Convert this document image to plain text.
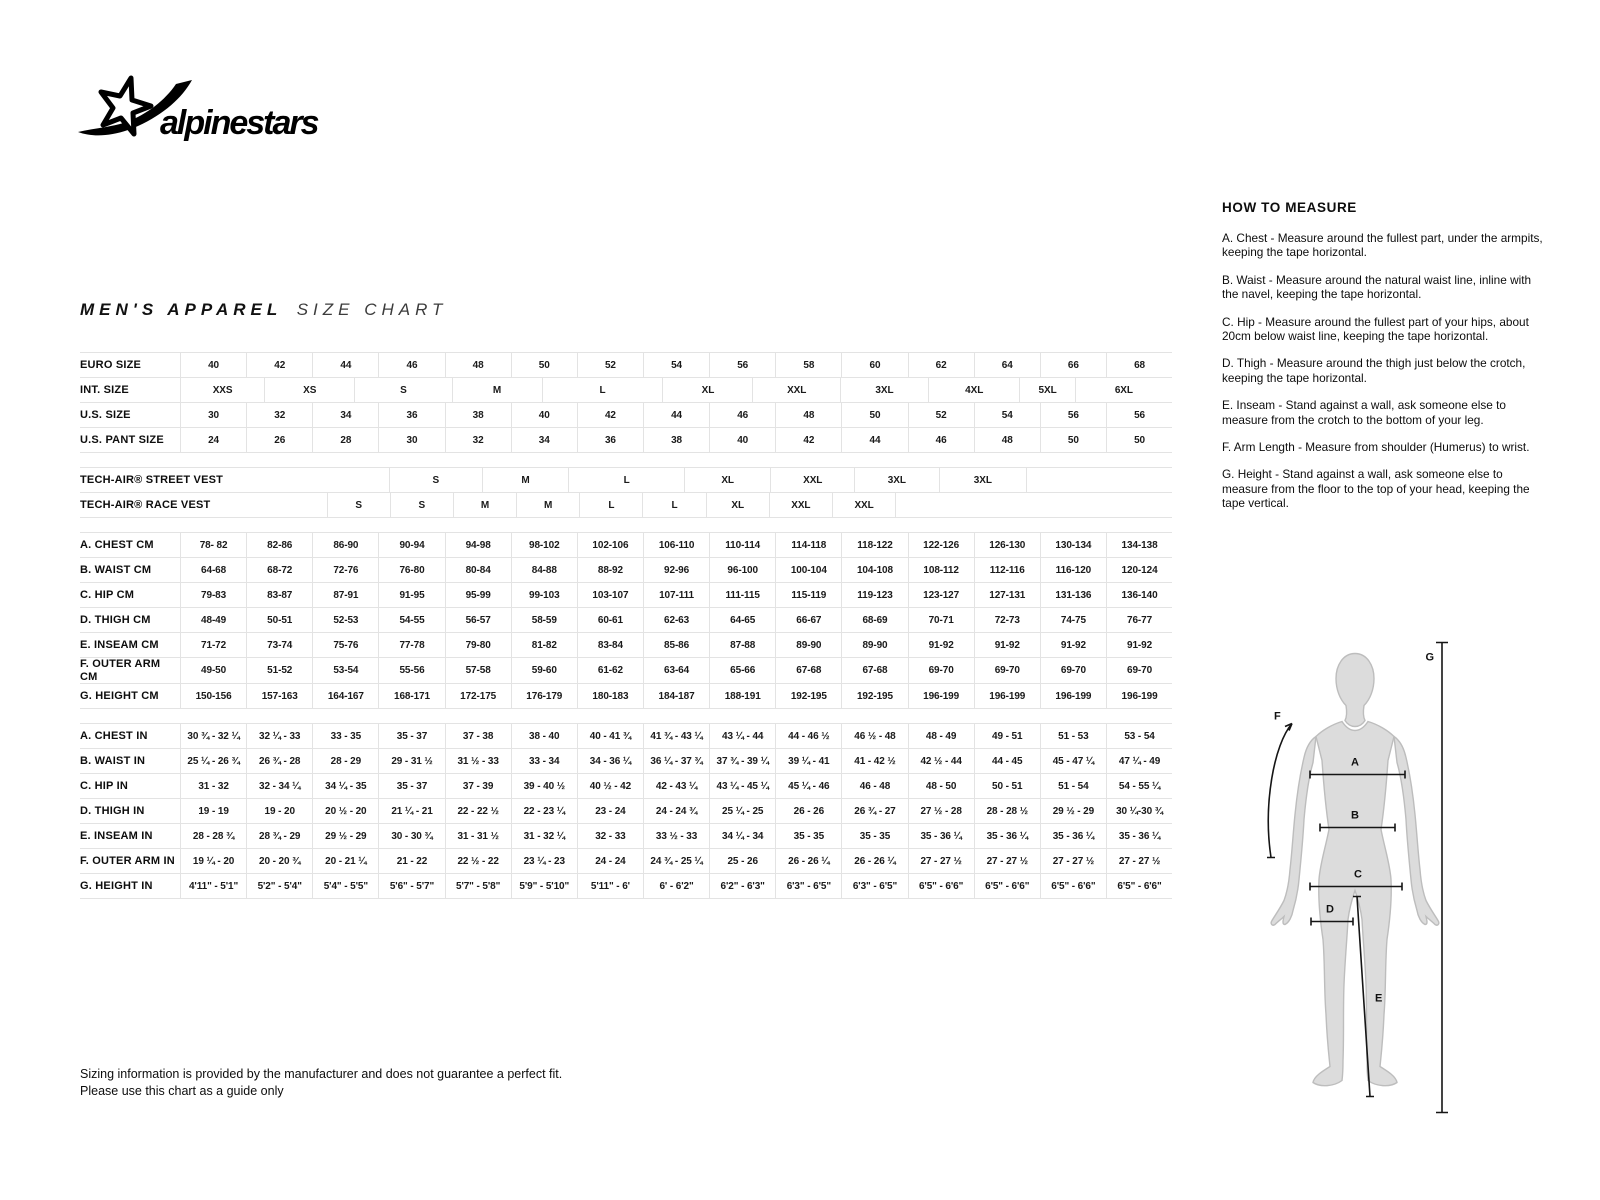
alpinestars
MEN'S APPAREL SIZE CHART
EURO SIZE	40	42	44	46	48	50	52	54	56	58	60	62	64	66	68
INT. SIZE	XXS	XS	S	M	L	XL	XXL	3XL	4XL	5XL	6XL
U.S. SIZE	30	32	34	36	38	40	42	44	46	48	50	52	54	56	56
U.S. PANT SIZE	24	26	28	30	32	34	36	38	40	42	44	46	48	50	50
TECH-AIR® STREET VEST	S	M	L	XL	XXL	3XL	3XL
TECH-AIR® RACE VEST	S	S	M	M	L	L	XL	XXL	XXL
A. CHEST CM	78- 82	82-86	86-90	90-94	94-98	98-102	102-106	106-110	110-114	114-118	118-122	122-126	126-130	130-134	134-138
B. WAIST CM	64-68	68-72	72-76	76-80	80-84	84-88	88-92	92-96	96-100	100-104	104-108	108-112	112-116	116-120	120-124
C. HIP CM	79-83	83-87	87-91	91-95	95-99	99-103	103-107	107-111	111-115	115-119	119-123	123-127	127-131	131-136	136-140
D. THIGH CM	48-49	50-51	52-53	54-55	56-57	58-59	60-61	62-63	64-65	66-67	68-69	70-71	72-73	74-75	76-77
E. INSEAM CM	71-72	73-74	75-76	77-78	79-80	81-82	83-84	85-86	87-88	89-90	89-90	91-92	91-92	91-92	91-92
F. OUTER ARM CM	49-50	51-52	53-54	55-56	57-58	59-60	61-62	63-64	65-66	67-68	67-68	69-70	69-70	69-70	69-70
G. HEIGHT CM	150-156	157-163	164-167	168-171	172-175	176-179	180-183	184-187	188-191	192-195	192-195	196-199	196-199	196-199	196-199
A. CHEST IN	30 ¾ - 32 ¼	32 ¼ - 33	33 - 35	35 - 37	37 - 38	38 - 40	40 - 41 ¾	41 ¾ - 43 ¼	43 ¼ - 44	44 - 46 ½	46 ½ - 48	48 - 49	49 - 51	51 - 53	53 - 54
B. WAIST IN	25 ¼ - 26 ¾	26 ¾ - 28	28 - 29	29 - 31 ½	31 ½ - 33	33 - 34	34 - 36 ¼	36 ¼ - 37 ¾	37 ¾ - 39 ¼	39 ¼ - 41	41 - 42 ½	42 ½ - 44	44 - 45	45 - 47 ¼	47 ¼ - 49
C. HIP IN	31 - 32	32 - 34 ¼	34 ¼ - 35	35 - 37	37 - 39	39 - 40 ½	40 ½ - 42	42 - 43 ¼	43 ¼ - 45 ¼	45 ¼ - 46	46 - 48	48 - 50	50 - 51	51 - 54	54 - 55 ¼
D. THIGH IN	19 - 19	19 - 20	20 ½ - 20	21 ¼ - 21	22 - 22 ½	22 - 23 ¼	23 - 24	24 - 24 ¾	25 ¼ - 25	26 - 26	26 ¾ - 27	27 ½ - 28	28 - 28 ½	29 ½ - 29	30 ¼-30 ¾
E. INSEAM IN	28 - 28 ¾	28 ¾ - 29	29 ½ - 29	30 - 30 ¾	31 - 31 ½	31 - 32 ¼	32 - 33	33 ½ - 33	34 ¼ - 34	35 - 35	35 - 35	35 - 36 ¼	35 - 36 ¼	35 - 36 ¼	35 - 36 ¼
F. OUTER ARM IN	19 ¼ - 20	20 - 20 ¾	20 - 21 ¼	21 - 22	22 ½ - 22	23 ¼ - 23	24 - 24	24 ¾ - 25 ¼	25 - 26	26 - 26 ¼	26 - 26 ¼	27 - 27 ½	27 - 27 ½	27 - 27 ½	27 - 27 ½
G. HEIGHT IN	4'11" - 5'1"	5'2" - 5'4"	5'4" - 5'5"	5'6" - 5'7"	5'7" - 5'8"	5'9" - 5'10"	5'11" - 6'	6' - 6'2"	6'2" - 6'3"	6'3" - 6'5"	6'3" - 6'5"	6'5" - 6'6"	6'5" - 6'6"	6'5" - 6'6"	6'5" - 6'6"
HOW TO MEASURE

A. Chest - Measure around the fullest part, under the armpits, keeping the tape horizontal.

B. Waist - Measure around the natural waist line, inline with the navel, keeping the tape horizontal.

C. Hip - Measure around the fullest part of your hips, about 20cm below waist line, keeping the tape horizontal.

D. Thigh - Measure around the thigh just below the crotch, keeping the tape horizontal.

E. Inseam - Stand against a wall, ask someone else to measure from the crotch to the bottom of your leg.

F. Arm Length - Measure from shoulder (Humerus) to wrist.

G. Height - Stand against a wall, ask someone else to measure from the floor to the top of your head, keeping the tape vertical.

A
B
C
D
E
F
G
Sizing information is provided by the manufacturer and does not guarantee a perfect fit.
Please use this chart as a guide only
